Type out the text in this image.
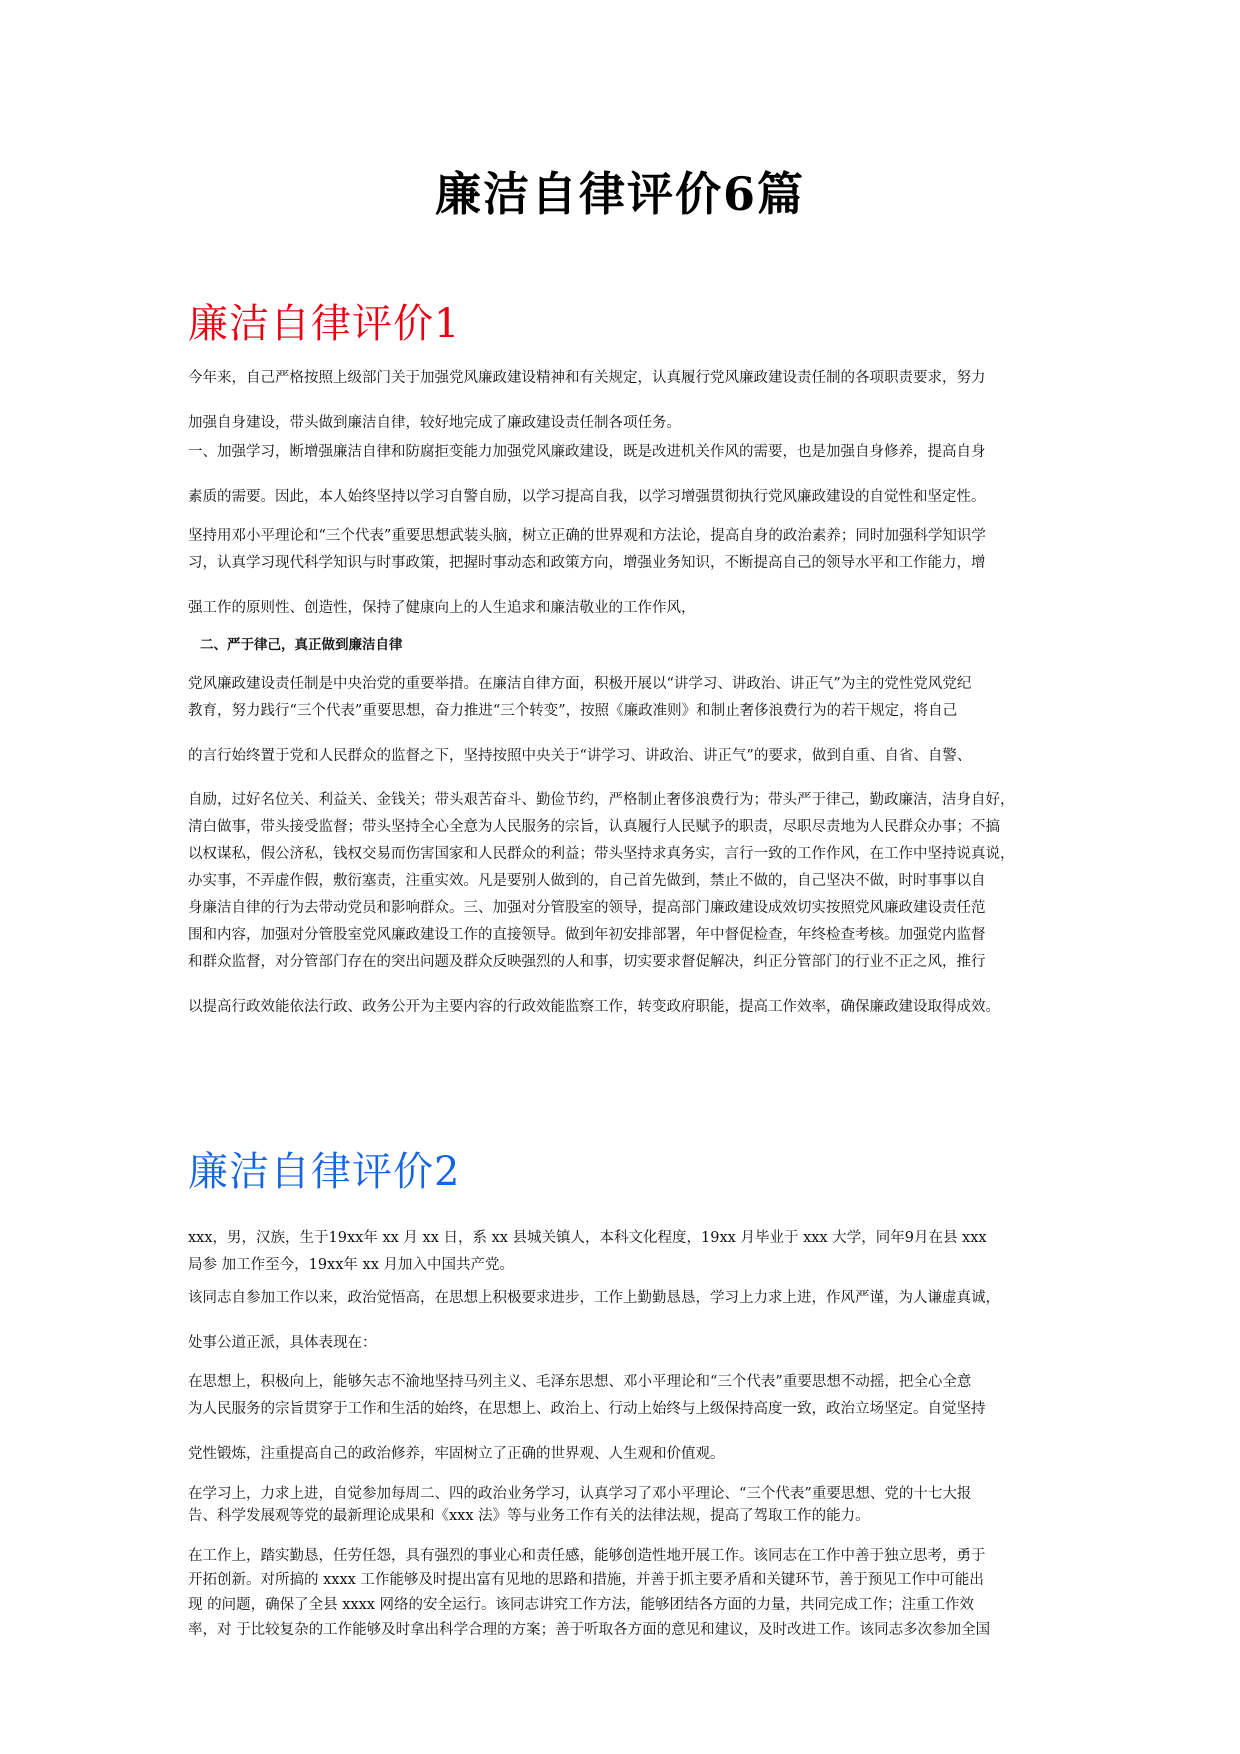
廉洁自律评价6篇
廉洁自律评价1
今年来，自己严格按照上级部门关于加强党风廉政建设精神和有关规定，认真履行党风廉政建设责任制的各项职责要求，努力
加强自身建设，带头做到廉洁自律，较好地完成了廉政建设责任制各项任务。
一、加强学习，断增强廉洁自律和防腐拒变能力加强党风廉政建设，既是改进机关作风的需要，也是加强自身修养，提高自身
素质的需要。因此，本人始终坚持以学习自警自励，以学习提高自我，以学习增强贯彻执行党风廉政建设的自觉性和坚定性。
坚持用邓小平理论和“三个代表”重要思想武装头脑，树立正确的世界观和方法论，提高自身的政治素养；同时加强科学知识学
习，认真学习现代科学知识与时事政策，把握时事动态和政策方向，增强业务知识，不断提高自己的领导水平和工作能力，增
强工作的原则性、创造性，保持了健康向上的人生追求和廉洁敬业的工作作风，
二、严于律己，真正做到廉洁自律
党风廉政建设责任制是中央治党的重要举措。在廉洁自律方面，积极开展以“讲学习、讲政治、讲正气”为主的党性党风党纪
教育，努力践行“三个代表”重要思想，奋力推进“三个转变”，按照《廉政准则》和制止奢侈浪费行为的若干规定，将自己
的言行始终置于党和人民群众的监督之下，坚持按照中央关于“讲学习、讲政治、讲正气”的要求，做到自重、自省、自警、
自励，过好名位关、利益关、金钱关；带头艰苦奋斗、勤俭节约，严格制止奢侈浪费行为；带头严于律己，勤政廉洁，洁身自好，
清白做事，带头接受监督；带头坚持全心全意为人民服务的宗旨，认真履行人民赋予的职责，尽职尽责地为人民群众办事；不搞
以权谋私，假公济私，钱权交易而伤害国家和人民群众的利益；带头坚持求真务实，言行一致的工作作风，在工作中坚持说真说，
办实事，不弄虚作假，敷衍塞责，注重实效。凡是要别人做到的，自己首先做到，禁止不做的，自己坚决不做，时时事事以自
身廉洁自律的行为去带动党员和影响群众。三、加强对分管股室的领导，提高部门廉政建设成效切实按照党风廉政建设责任范
围和内容，加强对分管股室党风廉政建设工作的直接领导。做到年初安排部署，年中督促检查，年终检查考核。加强党内监督
和群众监督，对分管部门存在的突出问题及群众反映强烈的人和事，切实要求督促解决，纠正分管部门的行业不正之风，推行
以提高行政效能依法行政、政务公开为主要内容的行政效能监察工作，转变政府职能，提高工作效率，确保廉政建设取得成效。
廉洁自律评价2
xxx，男，汉族，生于19xx年 xx 月 xx 日，系 xx 县城关镇人，本科文化程度，19xx 月毕业于 xxx 大学，同年9月在县 xxx
局参 加工作至今，19xx年 xx 月加入中国共产党。
该同志自参加工作以来，政治觉悟高，在思想上积极要求进步，工作上勤勤恳恳，学习上力求上进，作风严谨，为人谦虚真诚，
处事公道正派，具体表现在：
在思想上，积极向上，能够矢志不渝地坚持马列主义、毛泽东思想、邓小平理论和“三个代表”重要思想不动摇，把全心全意
为人民服务的宗旨贯穿于工作和生活的始终，在思想上、政治上、行动上始终与上级保持高度一致，政治立场坚定。自觉坚持
党性锻炼，注重提高自己的政治修养，牢固树立了正确的世界观、人生观和价值观。
在学习上，力求上进，自觉参加每周二、四的政治业务学习，认真学习了邓小平理论、“三个代表”重要思想、党的十七大报
告、科学发展观等党的最新理论成果和《xxx 法》等与业务工作有关的法律法规，提高了驾取工作的能力。
在工作上，踏实勤恳，任劳任怨，具有强烈的事业心和责任感，能够创造性地开展工作。该同志在工作中善于独立思考，勇于
开拓创新。对所搞的 xxxx 工作能够及时提出富有见地的思路和措施，并善于抓主要矛盾和关键环节，善于预见工作中可能出
现 的问题，确保了全县 xxxx 网络的安全运行。该同志讲究工作方法，能够团结各方面的力量，共同完成工作；注重工作效
率，对 于比较复杂的工作能够及时拿出科学合理的方案；善于听取各方面的意见和建议，及时改进工作。该同志多次参加全国
